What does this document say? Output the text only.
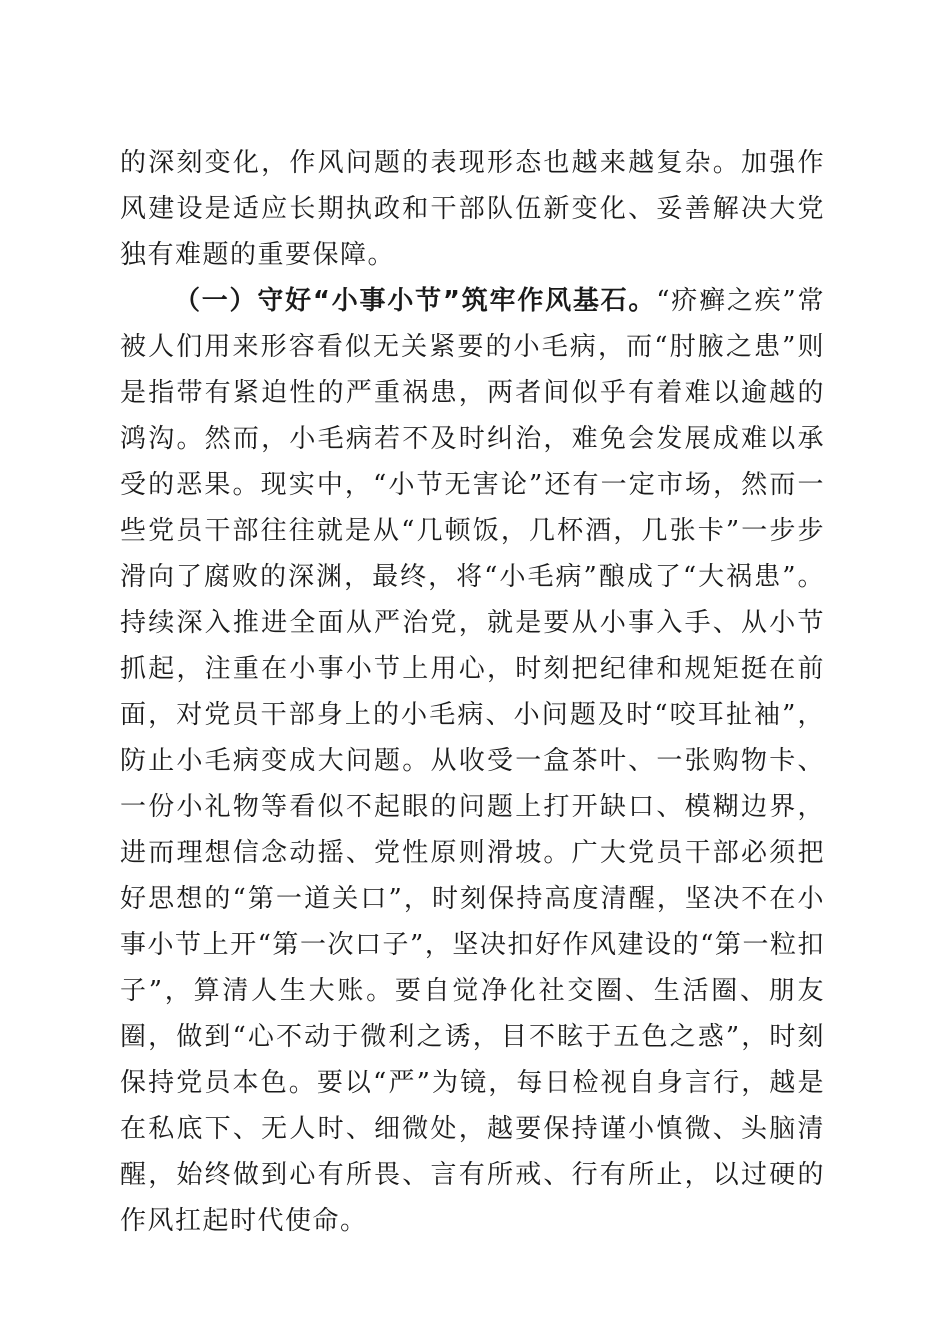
的深刻变化，作风问题的表现形态也越来越复杂。加强作风建设是适应长期执政和干部队伍新变化、妥善解决大党独有难题的重要保障。

（一）守好“小事小节”筑牢作风基石。“疥癣之疾”常被人们用来形容看似无关紧要的小毛病，而“肘腋之患”则是指带有紧迫性的严重祸患，两者间似乎有着难以逾越的鸿沟。然而，小毛病若不及时纠治，难免会发展成难以承受的恶果。现实中，“小节无害论”还有一定市场，然而一些党员干部往往就是从“几顿饭，几杯酒，几张卡”一步步滑向了腐败的深渊，最终，将“小毛病”酿成了“大祸患”。持续深入推进全面从严治党，就是要从小事入手、从小节抓起，注重在小事小节上用心，时刻把纪律和规矩挺在前面，对党员干部身上的小毛病、小问题及时“咬耳扯袖”，防止小毛病变成大问题。从收受一盒茶叶、一张购物卡、一份小礼物等看似不起眼的问题上打开缺口、模糊边界，进而理想信念动摇、党性原则滑坡。广大党员干部必须把好思想的“第一道关口”，时刻保持高度清醒，坚决不在小事小节上开“第一次口子”，坚决扣好作风建设的“第一粒扣子”，算清人生大账。要自觉净化社交圈、生活圈、朋友圈，做到“心不动于微利之诱，目不眩于五色之惑”，时刻保持党员本色。要以“严”为镜，每日检视自身言行，越是在私底下、无人时、细微处，越要保持谨小慎微、头脑清醒，始终做到心有所畏、言有所戒、行有所止，以过硬的作风扛起时代使命。
